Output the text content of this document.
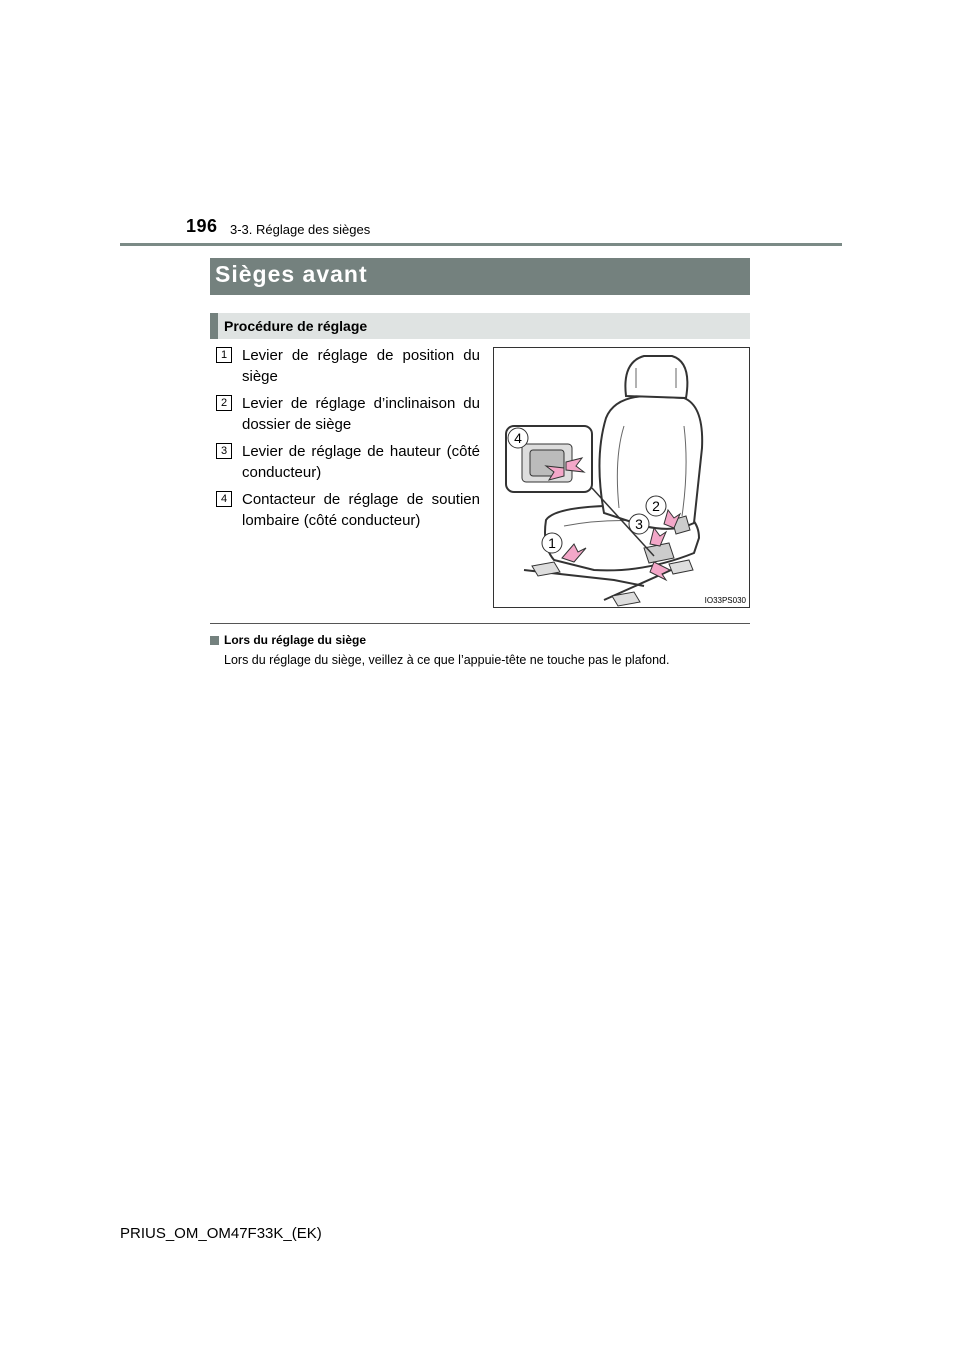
196 3-3. Réglage des sièges
Sièges avant
Procédure de réglage
1 Levier de réglage de position du siège
2 Levier de réglage d’inclinaison du dossier de siège
3 Levier de réglage de hauteur (côté conducteur)
4 Contacteur de réglage de soutien lombaire (côté conducteur)
1
2
3
4
IO33PS030
Lors du réglage du siège
Lors du réglage du siège, veillez à ce que l’appuie-tête ne touche pas le plafond.
PRIUS_OM_OM47F33K_(EK)
